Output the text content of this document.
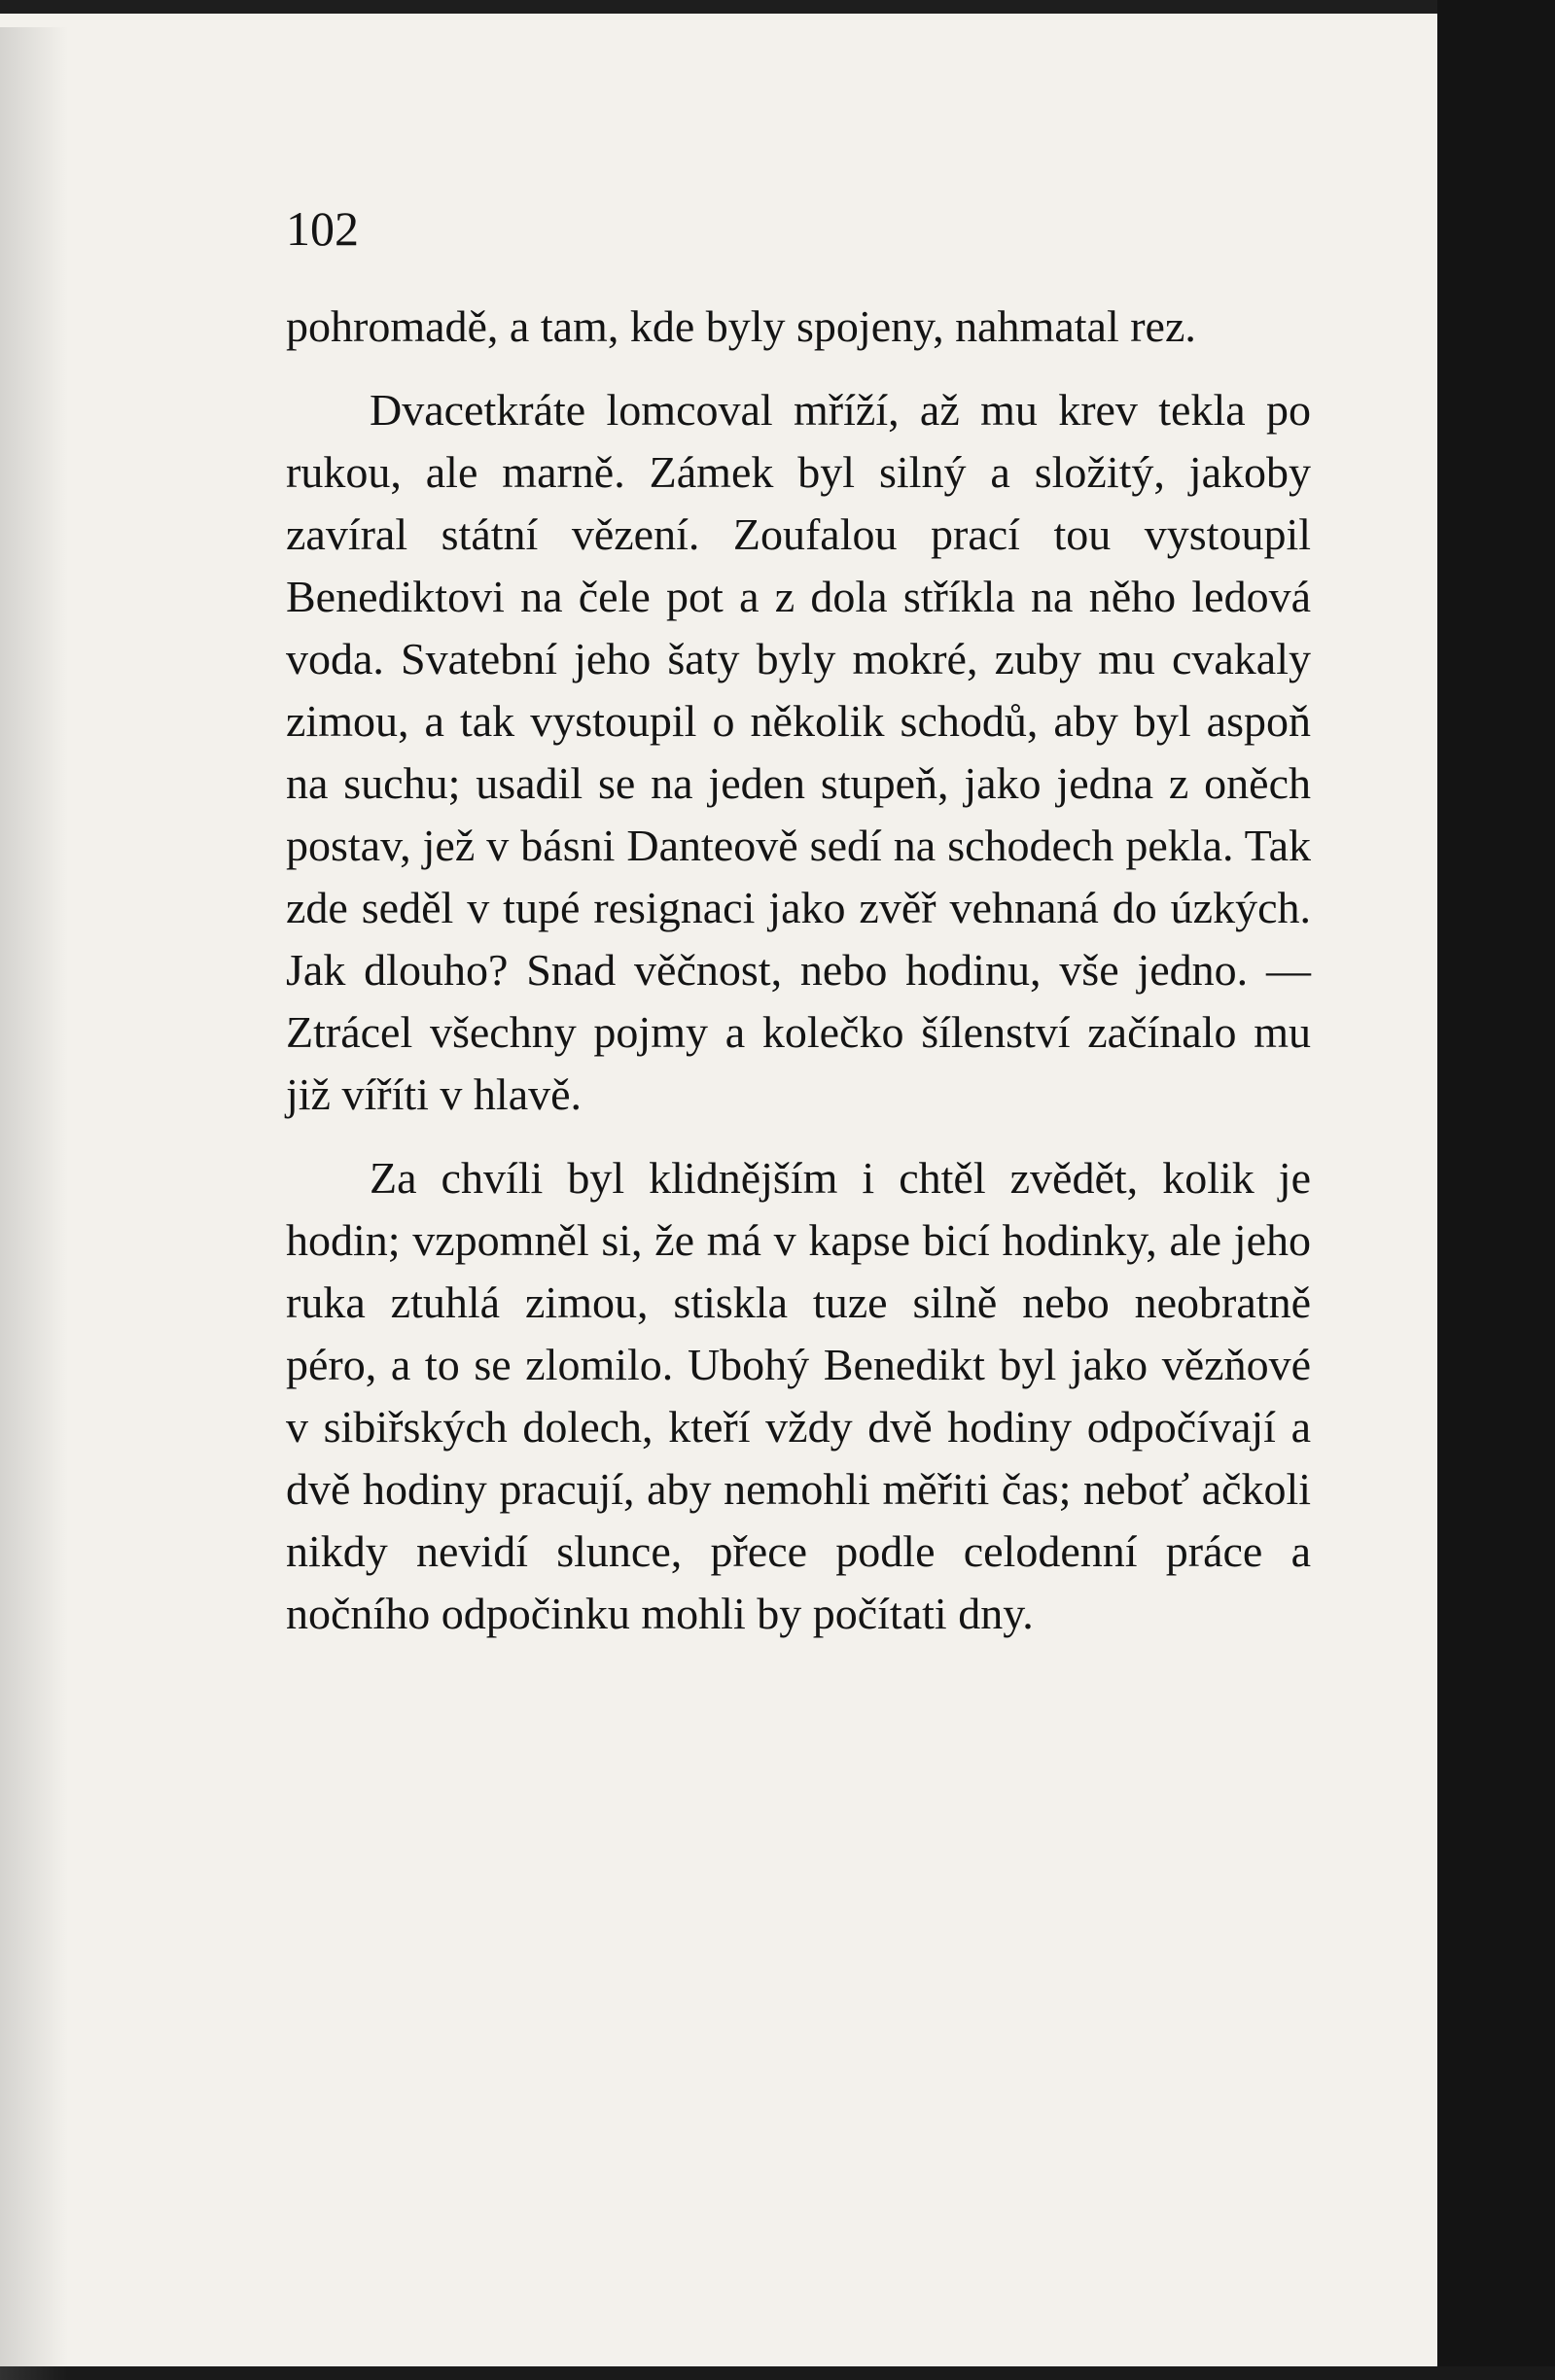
102

pohromadě, a tam, kde byly spojeny, nahmatal rez.

Dvacetkráte lomcoval mříží, až mu krev tekla po rukou, ale marně. Zámek byl silný a složitý, jakoby zavíral státní vězení. Zoufalou prací tou vystoupil Benediktovi na čele pot a z dola stříkla na něho ledová voda. Svatební jeho šaty byly mokré, zuby mu cvakaly zimou, a tak vystoupil o několik schodů, aby byl aspoň na suchu; usadil se na jeden stupeň, jako jedna z oněch postav, jež v básni Danteově sedí na schodech pekla. Tak zde seděl v tupé resignaci jako zvěř vehnaná do úzkých. Jak dlouho? Snad věčnost, nebo hodinu, vše jedno. — Ztrácel všechny pojmy a kolečko šílenství začínalo mu již víříti v hlavě.

Za chvíli byl klidnějším i chtěl zvědět, kolik je hodin; vzpomněl si, že má v kapse bicí hodinky, ale jeho ruka ztuhlá zimou, stiskla tuze silně nebo neobratně péro, a to se zlomilo. Ubohý Benedikt byl jako vězňové v sibiřských dolech, kteří vždy dvě hodiny odpočívají a dvě hodiny pracují, aby nemohli měřiti čas; neboť ačkoli nikdy nevidí slunce, přece podle celodenní práce a nočního odpočinku mohli by počítati dny.
